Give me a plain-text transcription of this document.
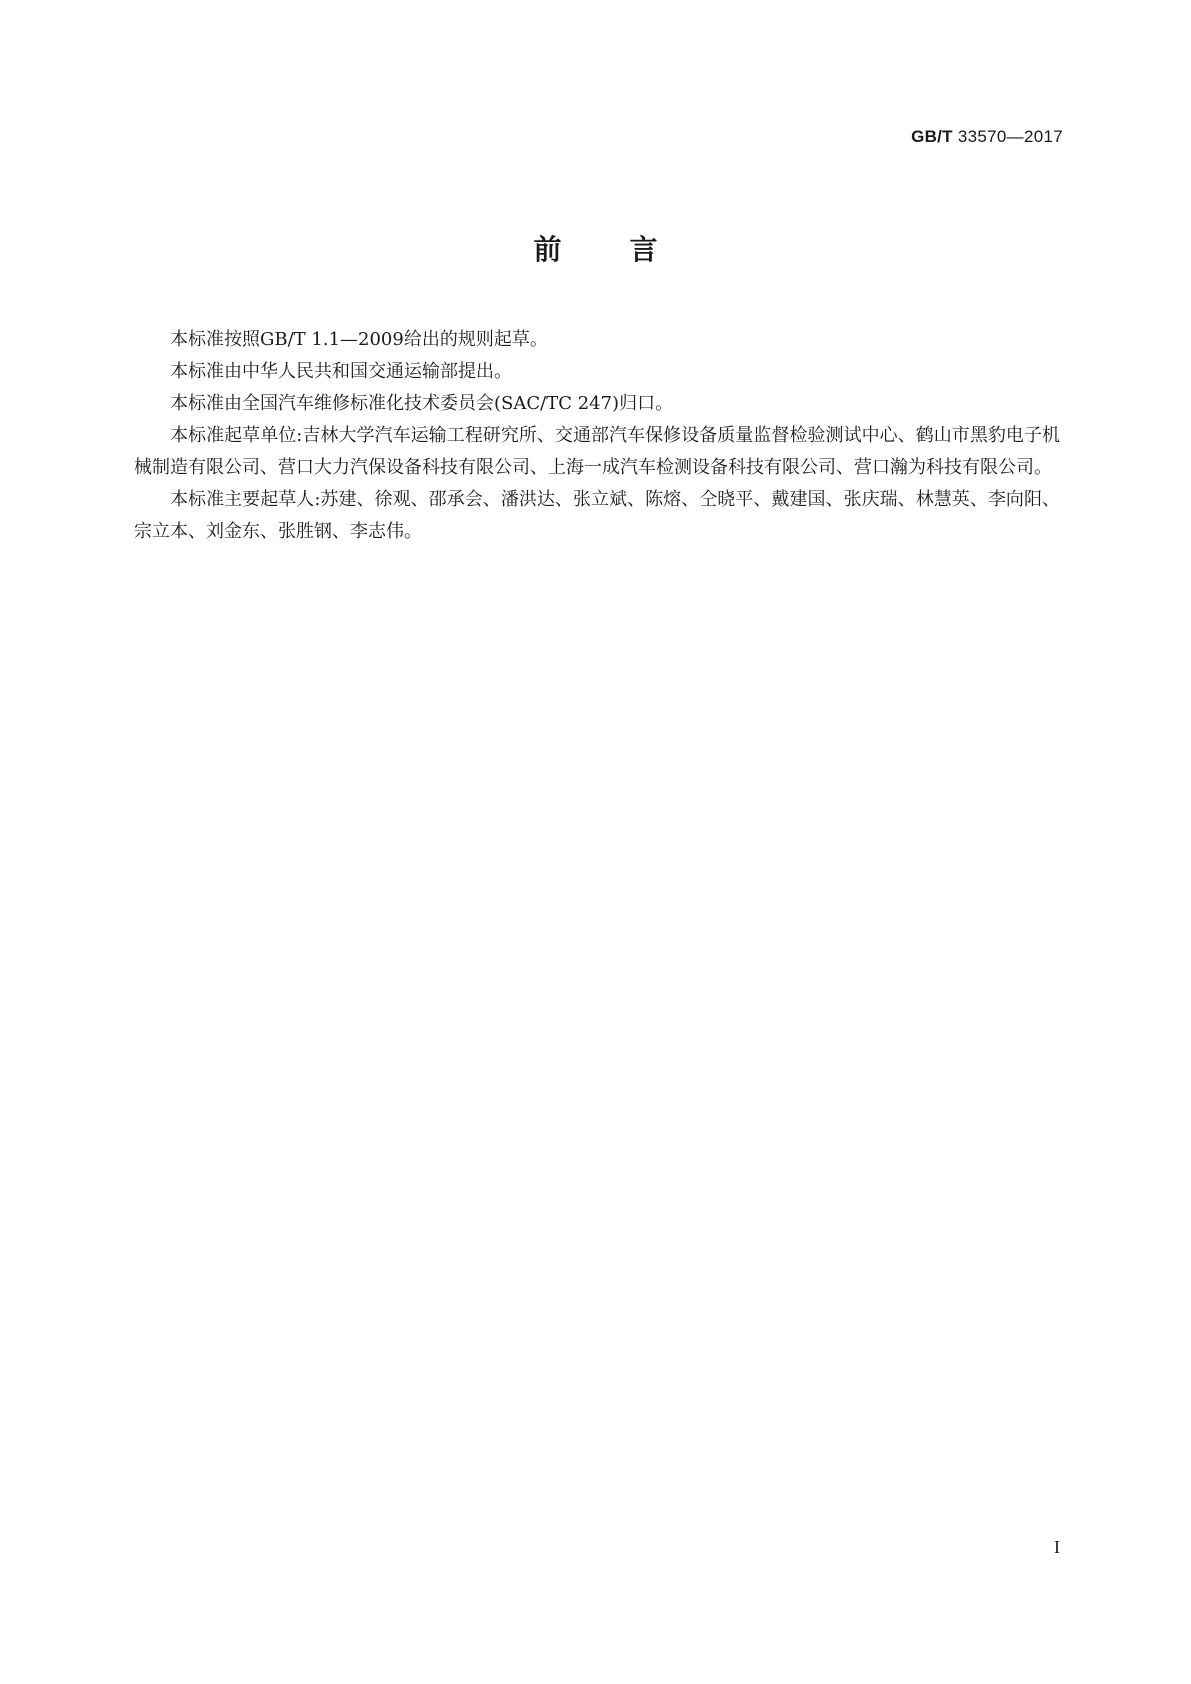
GB/T 33570—2017
前言

本标准按照GB/T 1.1—2009给出的规则起草。

本标准由中华人民共和国交通运输部提出。

本标准由全国汽车维修标准化技术委员会(SAC/TC 247)归口。

本标准起草单位:吉林大学汽车运输工程研究所、交通部汽车保修设备质量监督检验测试中心、鹤山市黑豹电子机械制造有限公司、营口大力汽保设备科技有限公司、上海一成汽车检测设备科技有限公司、营口瀚为科技有限公司。

本标准主要起草人:苏建、徐观、邵承会、潘洪达、张立斌、陈熔、仝晓平、戴建国、张庆瑞、林慧英、李向阳、宗立本、刘金东、张胜钢、李志伟。

I
